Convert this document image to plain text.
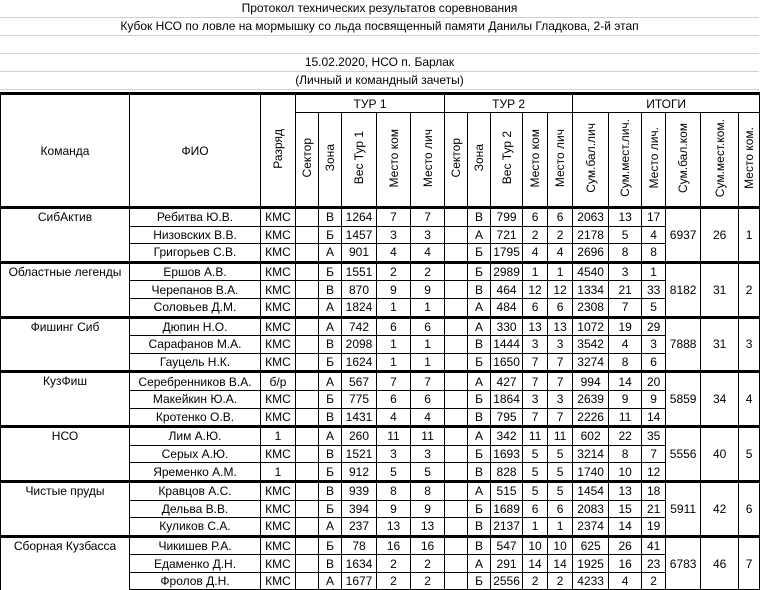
Протокол технических результатов соревнования
Кубок НСО по ловле на мормышку со льда посвященный памяти Данилы Гладкова, 2-й этап
15.02.2020, НСО п. Барлак
(Личный и командный зачеты)
Команда	ФИО	Разряд	ТУР 1					ТУР 2					ИТОГИ					
			Сектор	Зона	Вес Тур 1	Место ком	Место лич	Сектор	Зона	Вес Тур 2	Место ком	Место лич	Сум.бал.лич	Сум.мест.лич.	Место лич.	Сум.бал.ком	Сум.мест.ком.	Место ком.
СибАктив	Ребитва Ю.В.	КМС		В	1264	7	7		В	799	6	6	2063	13	17	6937	26	1
	Низовских В.В.	КМС		Б	1457	3	3		А	721	2	2	2178	5	4			
	Григорьев С.В.	КМС		А	901	4	4		Б	1795	4	4	2696	8	8			
Областные легенды	Ершов А.В.	КМС		Б	1551	2	2		Б	2989	1	1	4540	3	1	8182	31	2
	Черепанов В.А.	КМС		В	870	9	9		В	464	12	12	1334	21	33			
	Соловьев Д.М.	КМС		А	1824	1	1		А	484	6	6	2308	7	5			
Фишинг Сиб	Дюпин Н.О.	КМС		А	742	6	6		А	330	13	13	1072	19	29	7888	31	3
	Сарафанов М.А.	КМС		В	2098	1	1		В	1444	3	3	3542	4	3			
	Гауцель Н.К.	КМС		Б	1624	1	1		Б	1650	7	7	3274	8	6			
КузФиш	Серебренников В.А.	б/р		А	567	7	7		А	427	7	7	994	14	20	5859	34	4
	Макейкин Ю.А.	КМС		Б	775	6	6		Б	1864	3	3	2639	9	9			
	Кротенко О.В.	КМС		В	1431	4	4		В	795	7	7	2226	11	14			
НСО	Лим А.Ю.	1		А	260	11	11		А	342	11	11	602	22	35	5556	40	5
	Серых А.Ю.	КМС		В	1521	3	3		Б	1693	5	5	3214	8	7			
	Яременко А.М.	1		Б	912	5	5		В	828	5	5	1740	10	12			
Чистые пруды	Кравцов А.С.	КМС		В	939	8	8		А	515	5	5	1454	13	18	5911	42	6
	Дельва В.В.	КМС		Б	394	9	9		Б	1689	6	6	2083	15	21			
	Куликов С.А.	КМС		А	237	13	13		В	2137	1	1	2374	14	19			
Сборная Кузбасса	Чикишев Р.А.	КМС		Б	78	16	16		В	547	10	10	625	26	41	6783	46	7
	Едаменко Д.Н.	КМС		В	1634	2	2		А	291	14	14	1925	16	23			
	Фролов Д.Н.	КМС		А	1677	2	2		Б	2556	2	2	4233	4	2			
